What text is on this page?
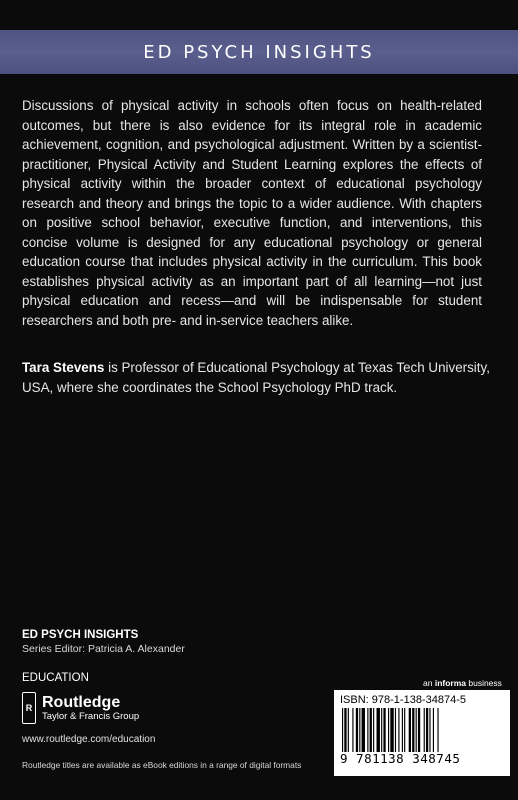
ED PSYCH INSIGHTS

Discussions of physical activity in schools often focus on health-related outcomes, but there is also evidence for its integral role in academic achievement, cognition, and psychological adjustment. Written by a scientist-practitioner, Physical Activity and Student Learning explores the effects of physical activity within the broader context of educational psychology research and theory and brings the topic to a wider audience. With chapters on positive school behavior, executive function, and interventions, this concise volume is designed for any educational psychology or general education course that includes physical activity in the curriculum. This book establishes physical activity as an important part of all learning—not just physical education and recess—and will be indispensable for student researchers and both pre- and in-service teachers alike.

Tara Stevens is Professor of Educational Psychology at Texas Tech University, USA, where she coordinates the School Psychology PhD track.

ED PSYCH INSIGHTS

Series Editor: Patricia A. Alexander

EDUCATION

R Routledge
Taylor & Francis Group
www.routledge.com/education
Routledge titles are available as eBook editions in a range of digital formats
an informa business
ISBN: 978-1-138-34874-5
9 781138 348745
